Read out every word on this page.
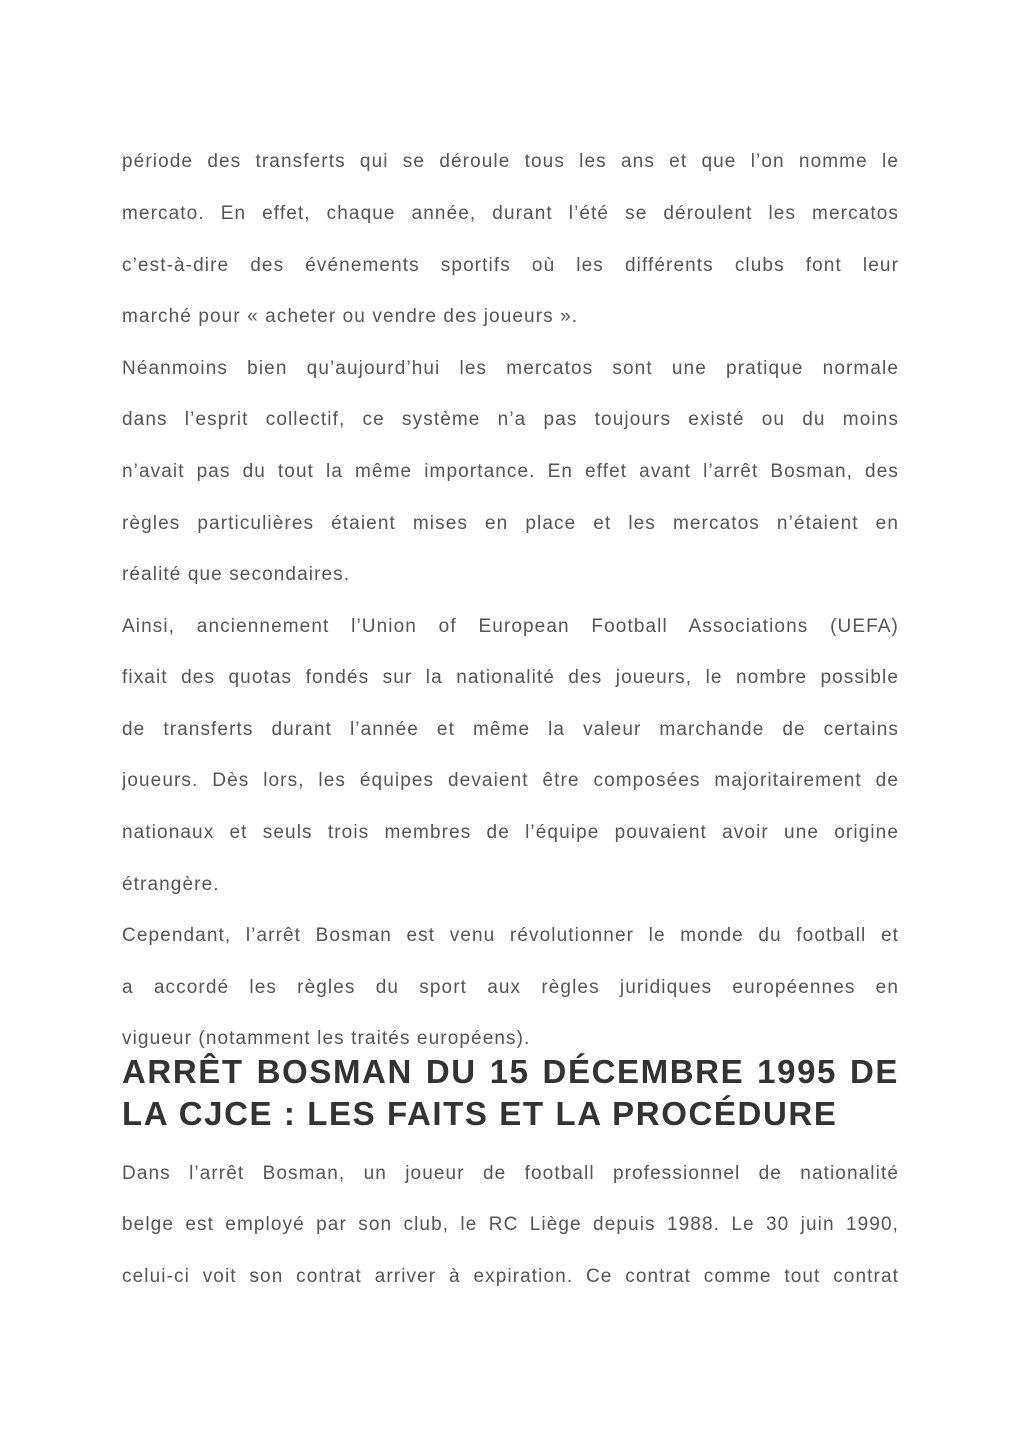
période des transferts qui se déroule tous les ans et que l’on nomme le

mercato. En effet, chaque année, durant l’été se déroulent les mercatos

c’est-à-dire des événements sportifs où les différents clubs font leur

marché pour « acheter ou vendre des joueurs ».

Néanmoins bien qu’aujourd’hui les mercatos sont une pratique normale

dans l’esprit collectif, ce système n’a pas toujours existé ou du moins

n’avait pas du tout la même importance. En effet avant l’arrêt Bosman, des

règles particulières étaient mises en place et les mercatos n’étaient en

réalité que secondaires.

Ainsi, anciennement l’Union of European Football Associations (UEFA)

fixait des quotas fondés sur la nationalité des joueurs, le nombre possible

de transferts durant l’année et même la valeur marchande de certains

joueurs. Dès lors, les équipes devaient être composées majoritairement de

nationaux et seuls trois membres de l’équipe pouvaient avoir une origine

étrangère.

Cependant, l’arrêt Bosman est venu révolutionner le monde du football et

a accordé les règles du sport aux règles juridiques européennes en

vigueur (notamment les traités européens).

ARRÊT BOSMAN DU 15 DÉCEMBRE 1995 DE
LA CJCE : LES FAITS ET LA PROCÉDURE

Dans l’arrêt Bosman, un joueur de football professionnel de nationalité

belge est employé par son club, le RC Liège depuis 1988. Le 30 juin 1990,

celui-ci voit son contrat arriver à expiration. Ce contrat comme tout contrat
